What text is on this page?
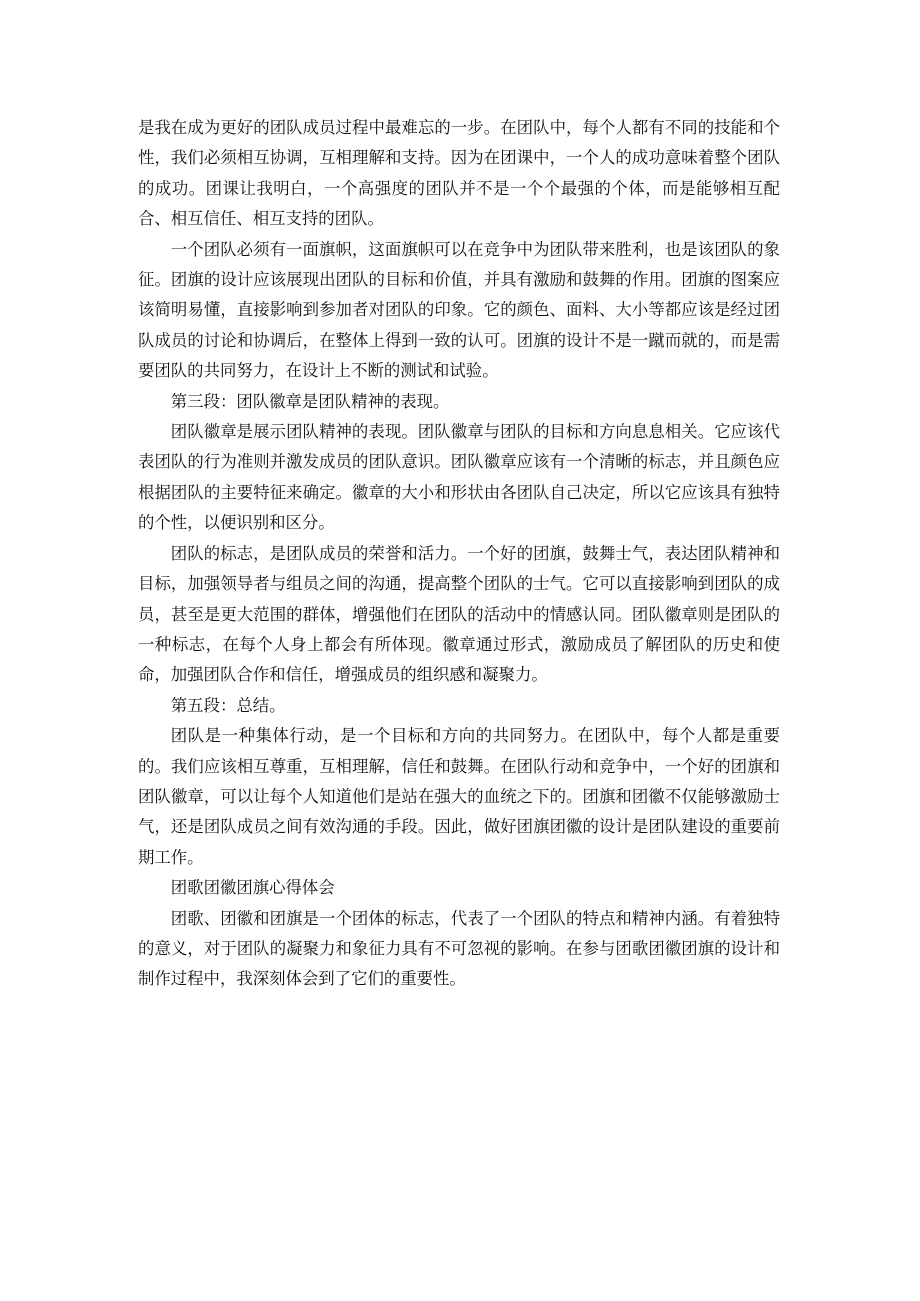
是我在成为更好的团队成员过程中最难忘的一步。在团队中，每个人都有不同的技能和个性，我们必须相互协调，互相理解和支持。因为在团课中，一个人的成功意味着整个团队的成功。团课让我明白，一个高强度的团队并不是一个个最强的个体，而是能够相互配合、相互信任、相互支持的团队。

一个团队必须有一面旗帜，这面旗帜可以在竞争中为团队带来胜利，也是该团队的象征。团旗的设计应该展现出团队的目标和价值，并具有激励和鼓舞的作用。团旗的图案应该简明易懂，直接影响到参加者对团队的印象。它的颜色、面料、大小等都应该是经过团队成员的讨论和协调后，在整体上得到一致的认可。团旗的设计不是一蹴而就的，而是需要团队的共同努力，在设计上不断的测试和试验。

第三段：团队徽章是团队精神的表现。

团队徽章是展示团队精神的表现。团队徽章与团队的目标和方向息息相关。它应该代表团队的行为准则并激发成员的团队意识。团队徽章应该有一个清晰的标志，并且颜色应根据团队的主要特征来确定。徽章的大小和形状由各团队自己决定，所以它应该具有独特的个性，以便识别和区分。

团队的标志，是团队成员的荣誉和活力。一个好的团旗，鼓舞士气，表达团队精神和目标，加强领导者与组员之间的沟通，提高整个团队的士气。它可以直接影响到团队的成员，甚至是更大范围的群体，增强他们在团队的活动中的情感认同。团队徽章则是团队的一种标志，在每个人身上都会有所体现。徽章通过形式，激励成员了解团队的历史和使命，加强团队合作和信任，增强成员的组织感和凝聚力。

第五段：总结。

团队是一种集体行动，是一个目标和方向的共同努力。在团队中，每个人都是重要的。我们应该相互尊重，互相理解，信任和鼓舞。在团队行动和竞争中，一个好的团旗和团队徽章，可以让每个人知道他们是站在强大的血统之下的。团旗和团徽不仅能够激励士气，还是团队成员之间有效沟通的手段。因此，做好团旗团徽的设计是团队建设的重要前期工作。

团歌团徽团旗心得体会

团歌、团徽和团旗是一个团体的标志，代表了一个团队的特点和精神内涵。有着独特的意义，对于团队的凝聚力和象征力具有不可忽视的影响。在参与团歌团徽团旗的设计和制作过程中，我深刻体会到了它们的重要性。
